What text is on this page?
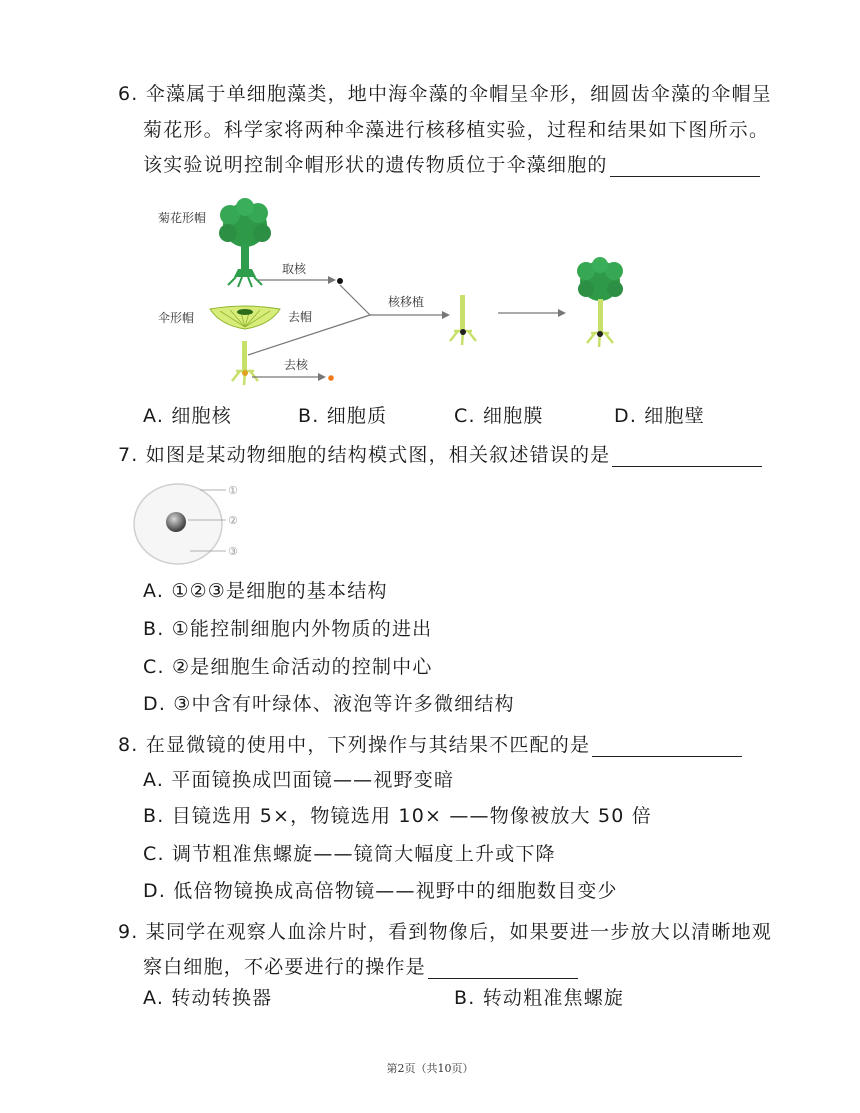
6. 伞藻属于单细胞藻类，地中海伞藻的伞帽呈伞形，细圆齿伞藻的伞帽呈
菊花形。科学家将两种伞藻进行核移植实验，过程和结果如下图所示。
该实验说明控制伞帽形状的遗传物质位于伞藻细胞的
菊花形帽
取核
伞形帽	去帽
去核
核移植
A. 细胞核	B. 细胞质	C. 细胞膜	D. 细胞壁
7. 如图是某动物细胞的结构模式图，相关叙述错误的是
①
②
③
A. ①②③是细胞的基本结构
B. ①能控制细胞内外物质的进出
C. ②是细胞生命活动的控制中心
D. ③中含有叶绿体、液泡等许多微细结构
8. 在显微镜的使用中，下列操作与其结果不匹配的是
A. 平面镜换成凹面镜——视野变暗
B. 目镜选用 5×，物镜选用 10× ——物像被放大 50 倍
C. 调节粗准焦螺旋——镜筒大幅度上升或下降
D. 低倍物镜换成高倍物镜——视野中的细胞数目变少
9. 某同学在观察人血涂片时，看到物像后，如果要进一步放大以清晰地观
察白细胞，不必要进行的操作是
A. 转动转换器	B. 转动粗准焦螺旋
第2页（共10页）
